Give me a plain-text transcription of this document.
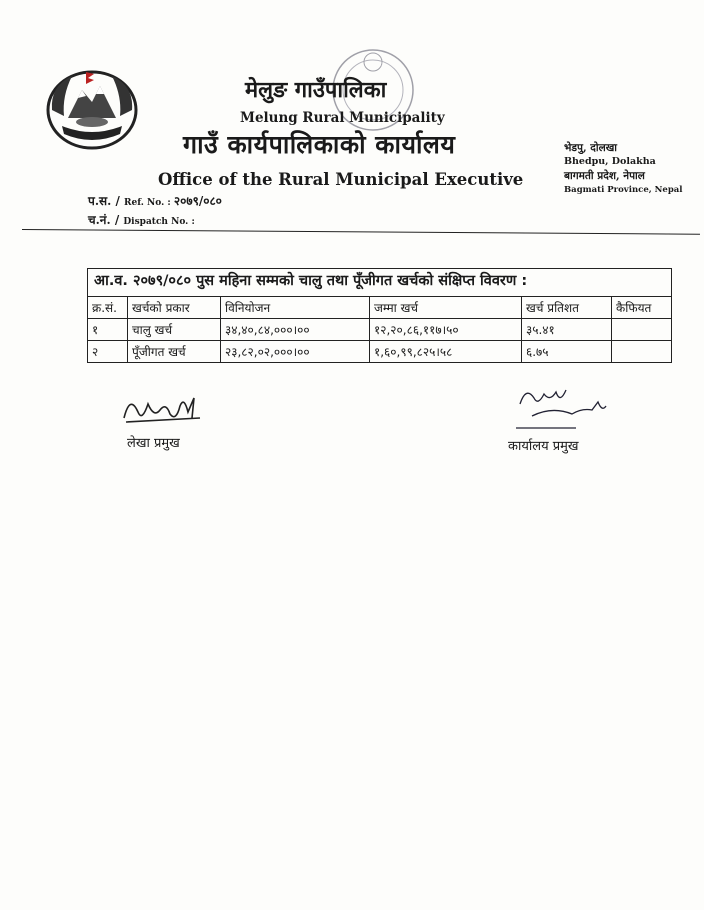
मेलुङ गाउँपालिका
Melung Rural Municipality
गाउँ कार्यपालिकाको कार्यालय
Office of the Rural Municipal Executive
भेडपु, दोलखा
Bhedpu, Dolakha
बागमती प्रदेश, नेपाल
Bagmati Province, Nepal
प.स. / Ref. No. : २०७९/०८०
च.नं. / Dispatch No. :
आ.व. २०७९/०८० पुस महिना सम्मको चालु तथा पूँजीगत खर्चको संक्षिप्त विवरण :
क्र.सं.	खर्चको प्रकार	विनियोजन	जम्मा खर्च	खर्च प्रतिशत	कैफियत
१	चालु खर्च	३४,४०,८४,०००।००	१२,२०,८६,११७।५०	३५.४१	
२	पूँजीगत खर्च	२३,८२,०२,०००।००	१,६०,९९,८२५।५८	६.७५	
लेखा प्रमुख	कार्यालय प्रमुख
